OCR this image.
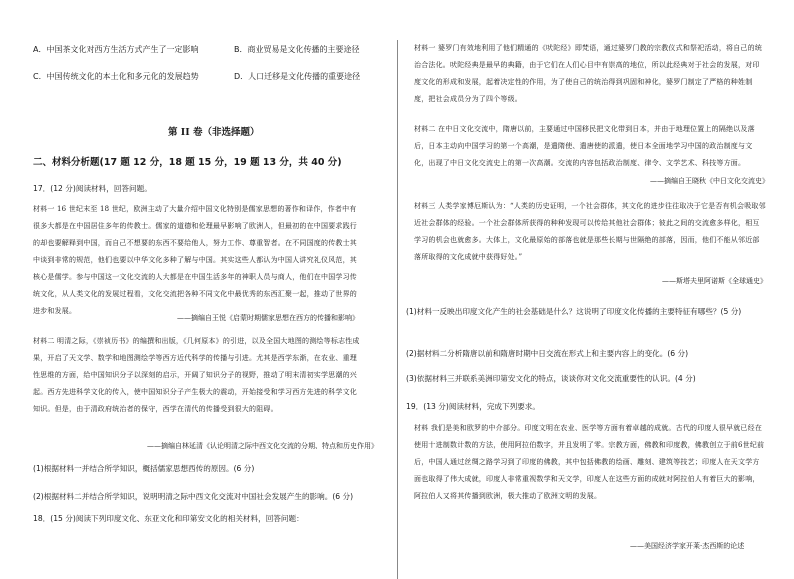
A．中国茶文化对西方生活方式产生了一定影响	B．商业贸易是文化传播的主要途径
C．中国传统文化的本土化和多元化的发展趋势	D．人口迁移是文化传播的重要途径
第 II 卷（非选择题）
二、材料分析题(17 题 12 分，18 题 15 分，19 题 13 分，共 40 分)
17．(12 分)阅读材料，回答问题。
材料一 16 世纪末至 18 世纪，欧洲主动了大量介绍中国文化特别是儒家思想的著作和译作，作者中有很多大都是在中国居住多年的传教士。儒家的道德和伦理最早影响了欧洲人，但最初的在中国要求践行的却也要解释到中国，而自己不想要的东西不要给他人，努力工作、尊重智者。在不同国度的传教士其中谈到非常的规范，他们也要以中华文化多种了解与中国。其实这些人都认为中国人讲究礼仪风范，其核心是儒学。参与中国这一文化交流的人大都是在中国生活多年的神职人员与商人，他们在中国学习传统文化，从人类文化的发展过程看，文化交流把各种不同文化中最优秀的东西汇聚一起，推动了世界的进步和发展。
——摘编自王悦《启蒙时期儒家思想在西方的传播和影响》
材料二 明清之际，《崇祯历书》的编撰和出版，《几何原本》的引进，以及全国大地图的测绘等标志性成果，开启了天文学、数学和地图测绘学等西方近代科学的传播与引进。尤其是西学东渐，在农业、重理性思维的方面，给中国知识分子以深刻的启示，开阔了知识分子的视野，推动了明末清初实学思潮的兴起。西方先进科学文化的传入，使中国知识分子产生极大的震动，开始接受和学习西方先进的科学文化知识。但是，由于清政府统治者的保守，西学在清代的传播受到很大的阻碍。
——摘编自林延清《认论明清之际中西文化交流的分期、特点和历史作用》
(1)根据材料一并结合所学知识，概括儒家思想西传的原因。(6 分)
(2)根据材料二并结合所学知识，说明明清之际中西文化交流对中国社会发展产生的影响。(6 分)
18．(15 分)阅读下列印度文化、东亚文化和印第安文化的相关材料，回答问题：
材料一 婆罗门有效地利用了他们精通的《吠陀经》即梵语，通过婆罗门教的宗教仪式和祭祀活动，将自己的统治合法化。吠陀经典是最早的典籍，由于它们在人们心目中有崇高的地位，所以此经典对于社会的发展，对印度文化的形成和发展，起着决定性的作用，为了使自己的统治得到巩固和神化，婆罗门制定了严格的种姓制度，把社会成员分为了四个等级。
材料二 在中日文化交流中，隋唐以前，主要通过中国移民把文化带到日本，并由于地理位置上的隔绝以及落后，日本主动向中国学习的第一个高潮，是遣隋使、遣唐使的派遣，使日本全面地学习中国的政治制度与文化，出现了中日文化交流史上的第一次高潮。交流的内容包括政治制度、律令、文学艺术、科技等方面。
——摘编自王晓秋《中日文化交流史》
材料三 人类学家博厄斯认为：“人类的历史证明，一个社会群体，其文化的进步往往取决于它是否有机会吸取邻近社会群体的经验。一个社会群体所获得的种种发现可以传给其他社会群体；彼此之间的交流愈多样化，相互学习的机会也就愈多。大体上，文化最原始的部落也就是那些长期与世隔绝的部落，因而，他们不能从邻近部落所取得的文化成就中获得好处。”
——斯塔夫里阿诺斯《全球通史》
(1)材料一反映出印度文化产生的社会基础是什么？这说明了印度文化传播的主要特征有哪些？(5 分)
(2)据材料二分析隋唐以前和隋唐时期中日交流在形式上和主要内容上的变化。(6 分)
(3)依据材料三并联系美洲印第安文化的特点，谈谈你对文化交流重要性的认识。(4 分)
19．(13 分)阅读材料，完成下列要求。
材料 我们是美和欧罗的中介部分。印度文明在农业、医学等方面有着卓越的成就。古代的印度人很早就已经在使用十进制数计数的方法，使用阿拉伯数字，并且发明了零。宗教方面，佛教和印度教，佛教创立于前6世纪前后，中国人通过丝绸之路学习到了印度的佛教，其中包括佛教的绘画、雕刻、建筑等技艺；印度人在天文学方面也取得了伟大成就，印度人非常重视数学和天文学，印度人在这些方面的成就对阿拉伯人有着巨大的影响，阿拉伯人又将其传播到欧洲，极大推动了欧洲文明的发展。
——美国经济学家开莱·杰西斯的论述
